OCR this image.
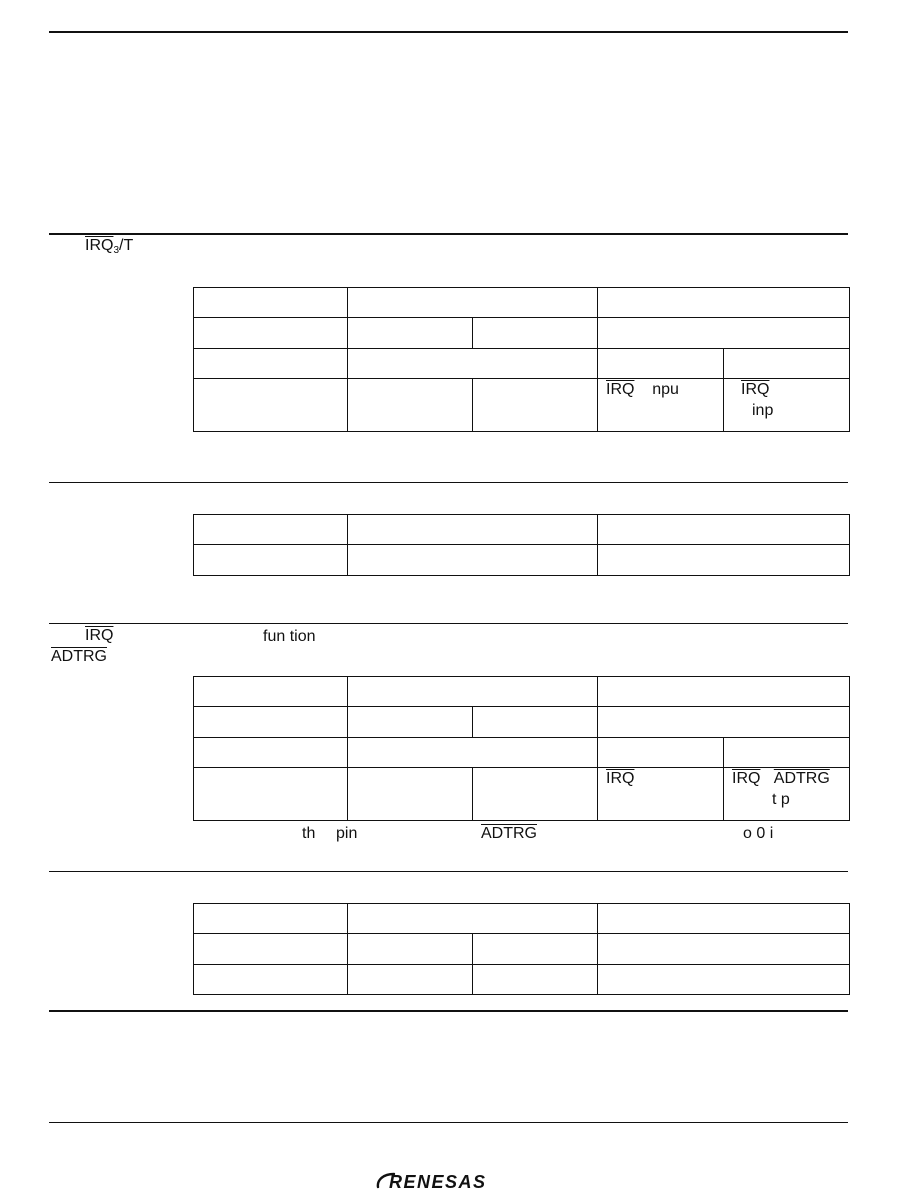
$\overline{IRQ}_3/T$

			$\overline{IRQ}$ npu	$\overline{IRQ}$
inp

$\overline{IRQ}$
ADTRG
fun tion

			$\overline{IRQ}$	$\overline{IRQ}$ ADTRG
t p
th pin	ADTRG	o 0 i

RENESAS
